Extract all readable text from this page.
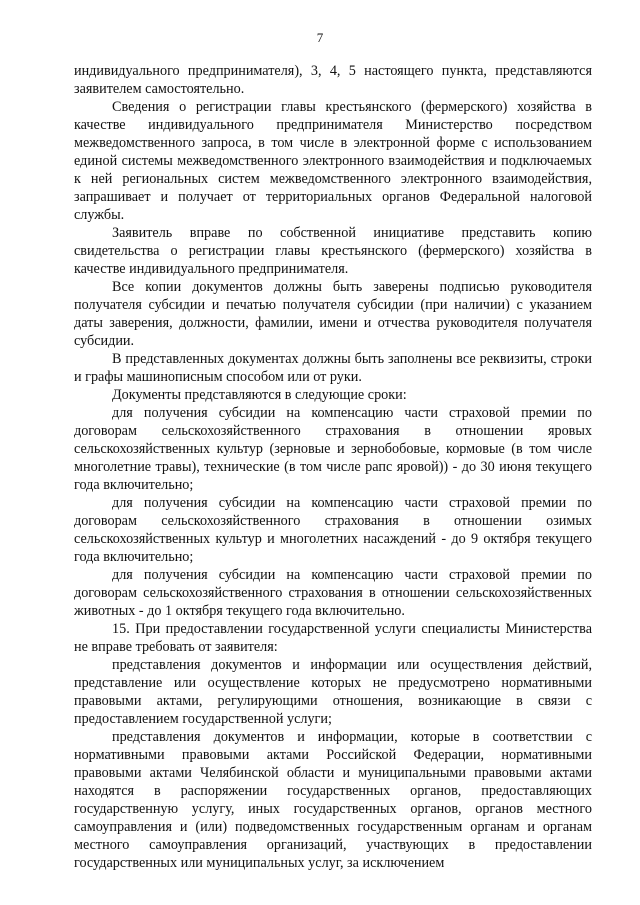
7

индивидуального предпринимателя), 3, 4, 5 настоящего пункта, представляются заявителем самостоятельно.

Сведения о регистрации главы крестьянского (фермерского) хозяйства в качестве индивидуального предпринимателя Министерство посредством межведомственного запроса, в том числе в электронной форме с использованием единой системы межведомственного электронного взаимодействия и подключаемых к ней региональных систем межведомственного электронного взаимодействия, запрашивает и получает от территориальных органов Федеральной налоговой службы.

Заявитель вправе по собственной инициативе представить копию свидетельства о регистрации главы крестьянского (фермерского) хозяйства в качестве индивидуального предпринимателя.

Все копии документов должны быть заверены подписью руководителя получателя субсидии и печатью получателя субсидии (при наличии) с указанием даты заверения, должности, фамилии, имени и отчества руководителя получателя субсидии.

В представленных документах должны быть заполнены все реквизиты, строки и графы машинописным способом или от руки.

Документы представляются в следующие сроки:

для получения субсидии на компенсацию части страховой премии по договорам сельскохозяйственного страхования в отношении яровых сельскохозяйственных культур (зерновые и зернобобовые, кормовые (в том числе многолетние травы), технические (в том числе рапс яровой)) - до 30 июня текущего года включительно;

для получения субсидии на компенсацию части страховой премии по договорам сельскохозяйственного страхования в отношении озимых сельскохозяйственных культур и многолетних насаждений - до 9 октября текущего года включительно;

для получения субсидии на компенсацию части страховой премии по договорам сельскохозяйственного страхования в отношении сельскохозяйственных животных - до 1 октября текущего года включительно.

15. При предоставлении государственной услуги специалисты Министерства не вправе требовать от заявителя:

представления документов и информации или осуществления действий, представление или осуществление которых не предусмотрено нормативными правовыми актами, регулирующими отношения, возникающие в связи с предоставлением государственной услуги;

представления документов и информации, которые в соответствии с нормативными правовыми актами Российской Федерации, нормативными правовыми актами Челябинской области и муниципальными правовыми актами находятся в распоряжении государственных органов, предоставляющих государственную услугу, иных государственных органов, органов местного самоуправления и (или) подведомственных государственным органам и органам местного самоуправления организаций, участвующих в предоставлении государственных или муниципальных услуг, за исключением
